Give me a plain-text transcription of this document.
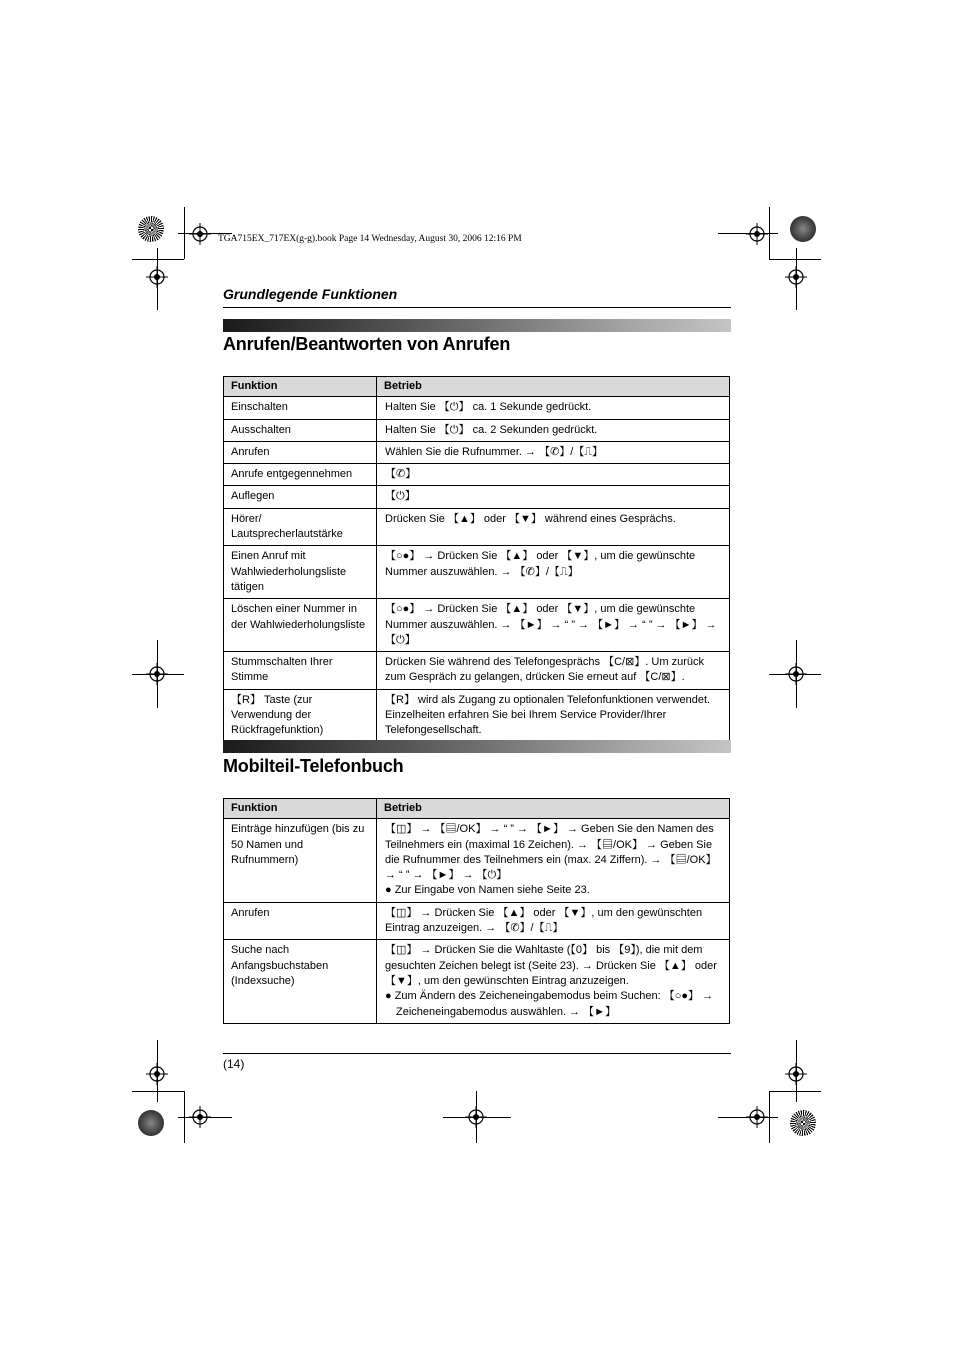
TGA715EX_717EX(g-g).book Page 14 Wednesday, August 30, 2006 12:16 PM
Grundlegende Funktionen
Anrufen/Beantworten von Anrufen
Funktion	Betrieb
Einschalten	Halten Sie 【⏻】 ca. 1 Sekunde gedrückt.
Ausschalten	Halten Sie 【⏻】 ca. 2 Sekunden gedrückt.
Anrufen	Wählen Sie die Rufnummer. → 【✆】/【⎍】
Anrufe entgegennehmen	【✆】
Auflegen	【⏻】
Hörer/ Lautsprecherlautstärke	Drücken Sie 【▲】 oder 【▼】 während eines Gesprächs.
Einen Anruf mit Wahlwiederholungsliste tätigen	【○●】 → Drücken Sie 【▲】 oder 【▼】, um die gewünschte Nummer auszuwählen. → 【✆】/【⎍】
Löschen einer Nummer in der Wahlwiederholungsliste	【○●】 → Drücken Sie 【▲】 oder 【▼】, um die gewünschte Nummer auszuwählen. → 【►】 → “ ” → 【►】 → “ ” → 【►】 → 【⏻】
Stummschalten Ihrer Stimme	Drücken Sie während des Telefongesprächs 【C/⊠】. Um zurück zum Gespräch zu gelangen, drücken Sie erneut auf 【C/⊠】.
【R】 Taste (zur Verwendung der Rückfragefunktion)	【R】 wird als Zugang zu optionalen Telefonfunktionen verwendet. Einzelheiten erfahren Sie bei Ihrem Service Provider/Ihrer Telefongesellschaft.
Mobilteil-Telefonbuch
Funktion	Betrieb
Einträge hinzufügen (bis zu 50 Namen und Rufnummern)	【◫】 → 【▤/OK】 → “ ” → 【►】 → Geben Sie den Namen des Teilnehmers ein (maximal 16 Zeichen). → 【▤/OK】 → Geben Sie die Rufnummer des Teilnehmers ein (max. 24 Ziffern). → 【▤/OK】 → “ ” → 【►】 → 【⏻】
● Zur Eingabe von Namen siehe Seite 23.

Anrufen	【◫】 → Drücken Sie 【▲】 oder 【▼】, um den gewünschten Eintrag anzuzeigen. → 【✆】/【⎍】
Suche nach Anfangsbuchstaben (Indexsuche)	【◫】 → Drücken Sie die Wahltaste (【0】 bis 【9】), die mit dem gesuchten Zeichen belegt ist (Seite 23). → Drücken Sie 【▲】 oder 【▼】, um den gewünschten Eintrag anzuzeigen.
● Zum Ändern des Zeicheneingabemodus beim Suchen: 【○●】 → Zeicheneingabemodus auswählen. → 【►】
(14)
